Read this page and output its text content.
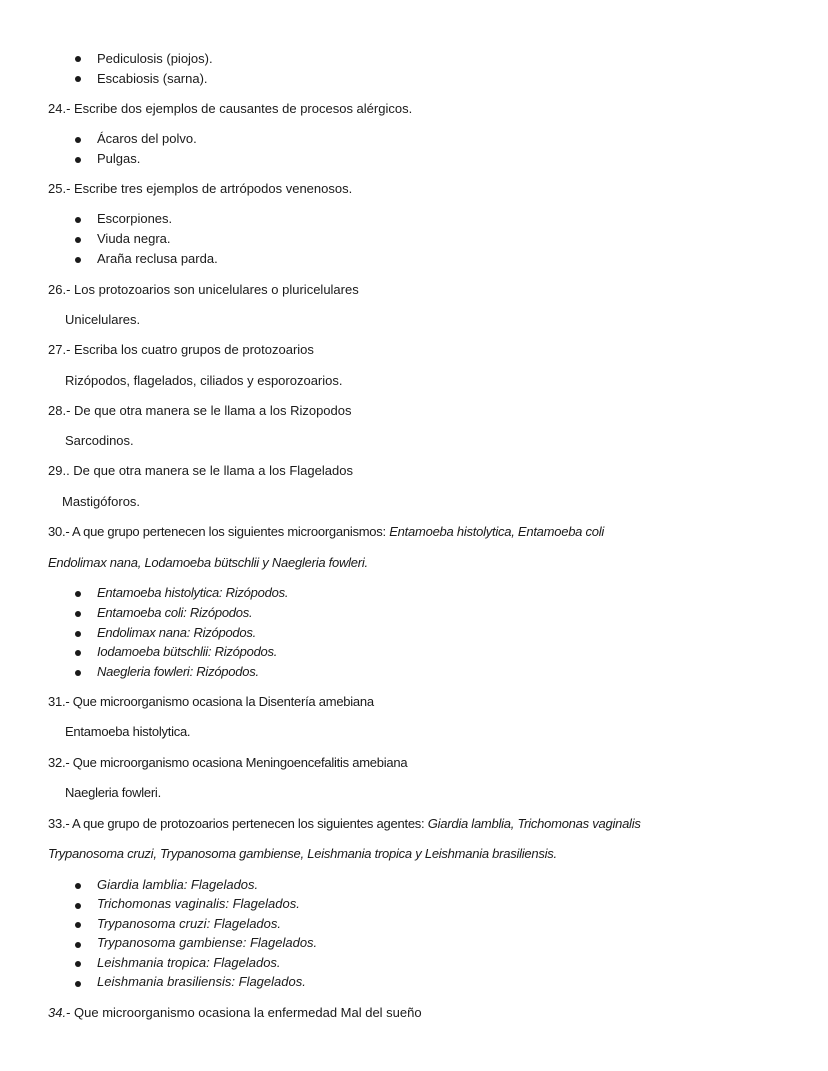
Pediculosis (piojos).
Escabiosis (sarna).
24.- Escribe dos ejemplos de causantes de procesos alérgicos.
Ácaros del polvo.
Pulgas.
25.- Escribe tres ejemplos de artrópodos venenosos.
Escorpiones.
Viuda negra.
Araña reclusa parda.
26.- Los protozoarios son unicelulares o pluricelulares
Unicelulares.
27.- Escriba los cuatro grupos de protozoarios
Rizópodos, flagelados, ciliados y esporozoarios.
28.- De que otra manera se le llama a los Rizopodos
Sarcodinos.
29.. De que otra manera se le llama a los Flagelados
Mastigóforos.
30.- A que grupo pertenecen los siguientes microorganismos: Entamoeba histolytica, Entamoeba coli
Endolimax nana, Lodamoeba bütschlii y Naegleria fowleri.
Entamoeba histolytica: Rizópodos.
Entamoeba coli: Rizópodos.
Endolimax nana: Rizópodos.
Iodamoeba bütschlii: Rizópodos.
Naegleria fowleri: Rizópodos.
31.- Que microorganismo ocasiona la Disentería amebiana
Entamoeba histolytica.
32.- Que microorganismo ocasiona Meningoencefalitis amebiana
Naegleria fowleri.
33.- A que grupo de protozoarios pertenecen los siguientes agentes: Giardia lamblia, Trichomonas vaginalis
Trypanosoma cruzi, Trypanosoma gambiense, Leishmania tropica y Leishmania brasiliensis.
Giardia lamblia: Flagelados.
Trichomonas vaginalis: Flagelados.
Trypanosoma cruzi: Flagelados.
Trypanosoma gambiense: Flagelados.
Leishmania tropica: Flagelados.
Leishmania brasiliensis: Flagelados.
34.- Que microorganismo ocasiona la enfermedad Mal del sueño
